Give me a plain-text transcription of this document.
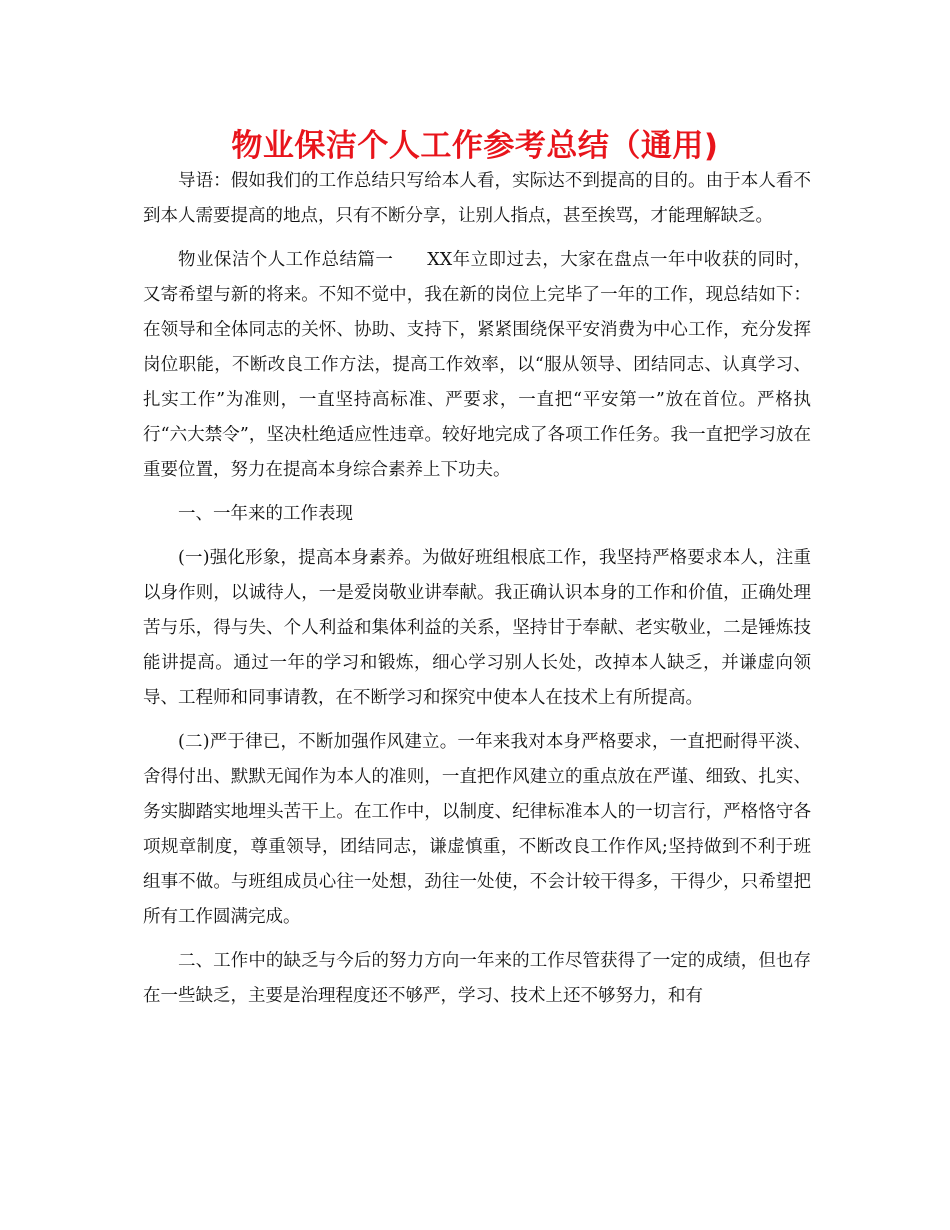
物业保洁个人工作参考总结（通用)

导语：假如我们的工作总结只写给本人看，实际达不到提高的目的。由于本人看不到本人需要提高的地点，只有不断分享，让别人指点，甚至挨骂，才能理解缺乏。

物业保洁个人工作总结篇一 XX年立即过去，大家在盘点一年中收获的同时，又寄希望与新的将来。不知不觉中，我在新的岗位上完毕了一年的工作，现总结如下：在领导和全体同志的关怀、协助、支持下，紧紧围绕保平安消费为中心工作，充分发挥岗位职能，不断改良工作方法，提高工作效率，以“服从领导、团结同志、认真学习、扎实工作”为准则，一直坚持高标准、严要求，一直把“平安第一”放在首位。严格执行“六大禁令”，坚决杜绝适应性违章。较好地完成了各项工作任务。我一直把学习放在重要位置，努力在提高本身综合素养上下功夫。

一、一年来的工作表现

(一)强化形象，提高本身素养。为做好班组根底工作，我坚持严格要求本人，注重以身作则，以诚待人，一是爱岗敬业讲奉献。我正确认识本身的工作和价值，正确处理苦与乐，得与失、个人利益和集体利益的关系，坚持甘于奉献、老实敬业，二是锤炼技能讲提高。通过一年的学习和锻炼，细心学习别人长处，改掉本人缺乏，并谦虚向领导、工程师和同事请教，在不断学习和探究中使本人在技术上有所提高。

(二)严于律已，不断加强作风建立。一年来我对本身严格要求，一直把耐得平淡、舍得付出、默默无闻作为本人的准则，一直把作风建立的重点放在严谨、细致、扎实、务实脚踏实地埋头苦干上。在工作中，以制度、纪律标准本人的一切言行，严格恪守各项规章制度，尊重领导，团结同志，谦虚慎重，不断改良工作作风;坚持做到不利于班组事不做。与班组成员心往一处想，劲往一处使，不会计较干得多，干得少，只希望把所有工作圆满完成。

二、工作中的缺乏与今后的努力方向一年来的工作尽管获得了一定的成绩，但也存在一些缺乏，主要是治理程度还不够严，学习、技术上还不够努力，和有
